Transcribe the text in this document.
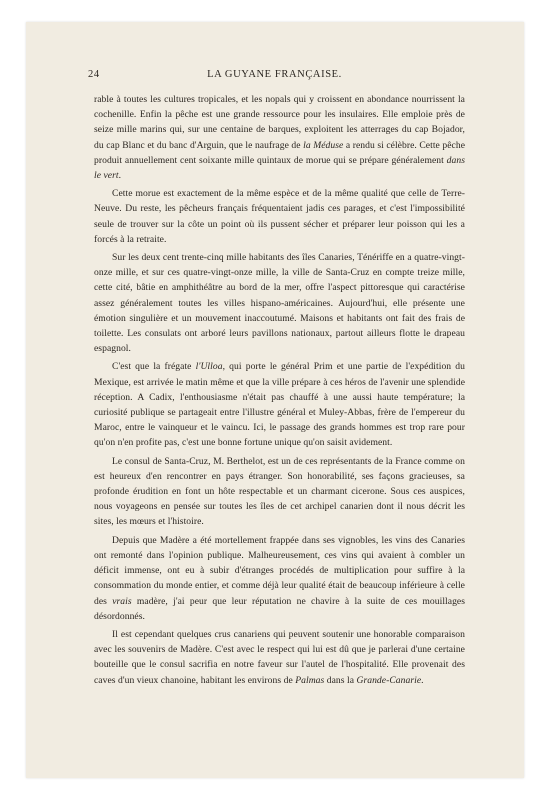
24	LA GUYANE FRANÇAISE.

rable à toutes les cultures tropicales, et les nopals qui y croissent en abondance nourrissent la cochenille. Enfin la pêche est une grande ressource pour les insulaires. Elle emploie près de seize mille marins qui, sur une centaine de barques, exploitent les atterrages du cap Bojador, du cap Blanc et du banc d'Arguin, que le naufrage de la Méduse a rendu si célèbre. Cette pêche produit annuellement cent soixante mille quintaux de morue qui se prépare généralement dans le vert.

Cette morue est exactement de la même espèce et de la même qualité que celle de Terre-Neuve. Du reste, les pêcheurs français fréquentaient jadis ces parages, et c'est l'impossibilité seule de trouver sur la côte un point où ils pussent sécher et préparer leur poisson qui les a forcés à la retraite.

Sur les deux cent trente-cinq mille habitants des îles Canaries, Ténériffe en a quatre-vingt-onze mille, et sur ces quatre-vingt-onze mille, la ville de Santa-Cruz en compte treize mille, cette cité, bâtie en amphithéâtre au bord de la mer, offre l'aspect pittoresque qui caractérise assez généralement toutes les villes hispano-américaines. Aujourd'hui, elle présente une émotion singulière et un mouvement inaccoutumé. Maisons et habitants ont fait des frais de toilette. Les consulats ont arboré leurs pavillons nationaux, partout ailleurs flotte le drapeau espagnol.

C'est que la frégate l'Ulloa, qui porte le général Prim et une partie de l'expédition du Mexique, est arrivée le matin même et que la ville prépare à ces héros de l'avenir une splendide réception. A Cadix, l'enthousiasme n'était pas chauffé à une aussi haute température; la curiosité publique se partageait entre l'illustre général et Muley-Abbas, frère de l'empereur du Maroc, entre le vainqueur et le vaincu. Ici, le passage des grands hommes est trop rare pour qu'on n'en profite pas, c'est une bonne fortune unique qu'on saisit avidement.

Le consul de Santa-Cruz, M. Berthelot, est un de ces représentants de la France comme on est heureux d'en rencontrer en pays étranger. Son honorabilité, ses façons gracieuses, sa profonde érudition en font un hôte respectable et un charmant cicerone. Sous ces auspices, nous voyageons en pensée sur toutes les îles de cet archipel canarien dont il nous décrit les sites, les mœurs et l'histoire.

Depuis que Madère a été mortellement frappée dans ses vignobles, les vins des Canaries ont remonté dans l'opinion publique. Malheureusement, ces vins qui avaient à combler un déficit immense, ont eu à subir d'étranges procédés de multiplication pour suffire à la consommation du monde entier, et comme déjà leur qualité était de beaucoup inférieure à celle des vrais madère, j'ai peur que leur réputation ne chavire à la suite de ces mouillages désordonnés.

Il est cependant quelques crus canariens qui peuvent soutenir une honorable comparaison avec les souvenirs de Madère. C'est avec le respect qui lui est dû que je parlerai d'une certaine bouteille que le consul sacrifia en notre faveur sur l'autel de l'hospitalité. Elle provenait des caves d'un vieux chanoine, habitant les environs de Palmas dans la Grande-Canarie.
